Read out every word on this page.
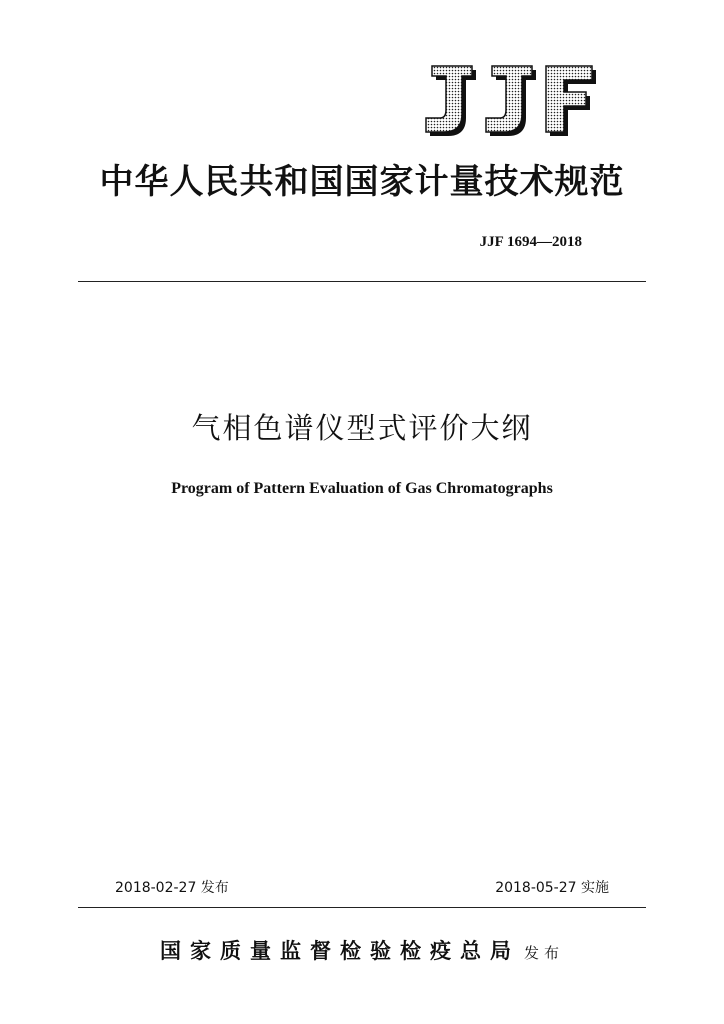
中华人民共和国国家计量技术规范
JJF 1694—2018
气相色谱仪型式评价大纲
Program of Pattern Evaluation of Gas Chromatographs
2018-02-27 发布	2018-05-27 实施
国家质量监督检验检疫总局 发布
